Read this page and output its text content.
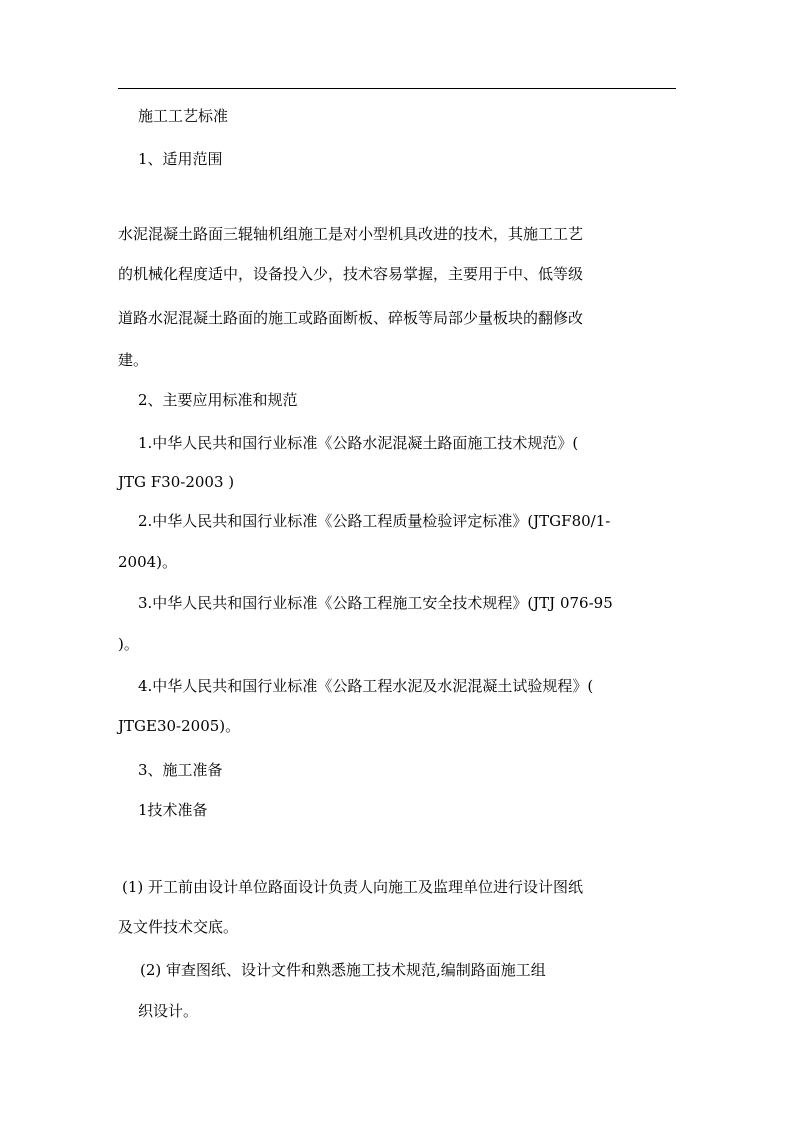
施工工艺标准
1、适用范围
水泥混凝土路面三辊轴机组施工是对小型机具改进的技术，其施工工艺
的机械化程度适中，设备投入少，技术容易掌握，主要用于中、低等级
道路水泥混凝土路面的施工或路面断板、碎板等局部少量板块的翻修改
建。
2、主要应用标准和规范
1.中华人民共和国行业标准《公路水泥混凝土路面施工技术规范》(
JTG F30-2003 )
2.中华人民共和国行业标准《公路工程质量检验评定标准》(JTGF80/1-
2004)。
3.中华人民共和国行业标准《公路工程施工安全技术规程》(JTJ 076-95
)。
4.中华人民共和国行业标准《公路工程水泥及水泥混凝土试验规程》(
JTGE30-2005)。
3、施工准备
1技术准备
(1) 开工前由设计单位路面设计负责人向施工及监理单位进行设计图纸
及文件技术交底。
(2) 审查图纸、设计文件和熟悉施工技术规范,编制路面施工组
织设计。
